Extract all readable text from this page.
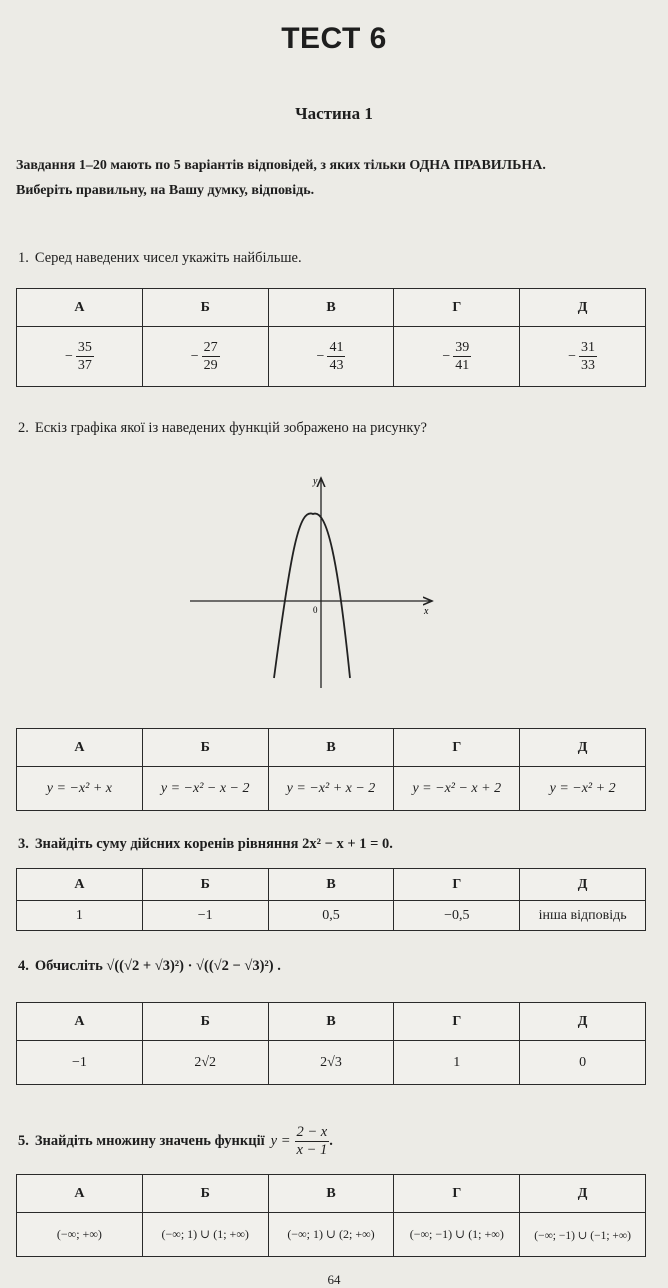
ТЕСТ 6
Частина 1
Завдання 1–20 мають по 5 варіантів відповідей, з яких тільки ОДНА ПРАВИЛЬНА.
Виберіть правильну, на Вашу думку, відповідь.
1. Серед наведених чисел укажіть найбільше.
А	Б	В	Г	Д

− $\frac{35}{37}$	− $\frac{27}{29}$	− $\frac{41}{43}$	− $\frac{39}{41}$	− $\frac{31}{33}$
2. Ескіз графіка якої із наведених функцій зображено на рисунку?
y
x
0
А	Б	В	Г	Д
y = −x² + x	y = −x² − x − 2	y = −x² + x − 2	y = −x² − x + 2	y = −x² + 2
3. Знайдіть суму дійсних коренів рівняння 2x² − x + 1 = 0.
А	Б	В	Г	Д
1	−1	0,5	−0,5	інша відповідь
4. Обчисліть √((√2 + √3)²) · √((√2 − √3)²) .
А	Б	В	Г	Д
−1	2√2	2√3	1	0
5. Знайдіть множину значень функції $y = \frac{2 - x}{x - 1}$ .
А	Б	В	Г	Д
(−∞; +∞)	(−∞; 1) ∪ (1; +∞)	(−∞; 1) ∪ (2; +∞)	(−∞; −1) ∪ (1; +∞)	(−∞; −1) ∪ (−1; +∞)
64
